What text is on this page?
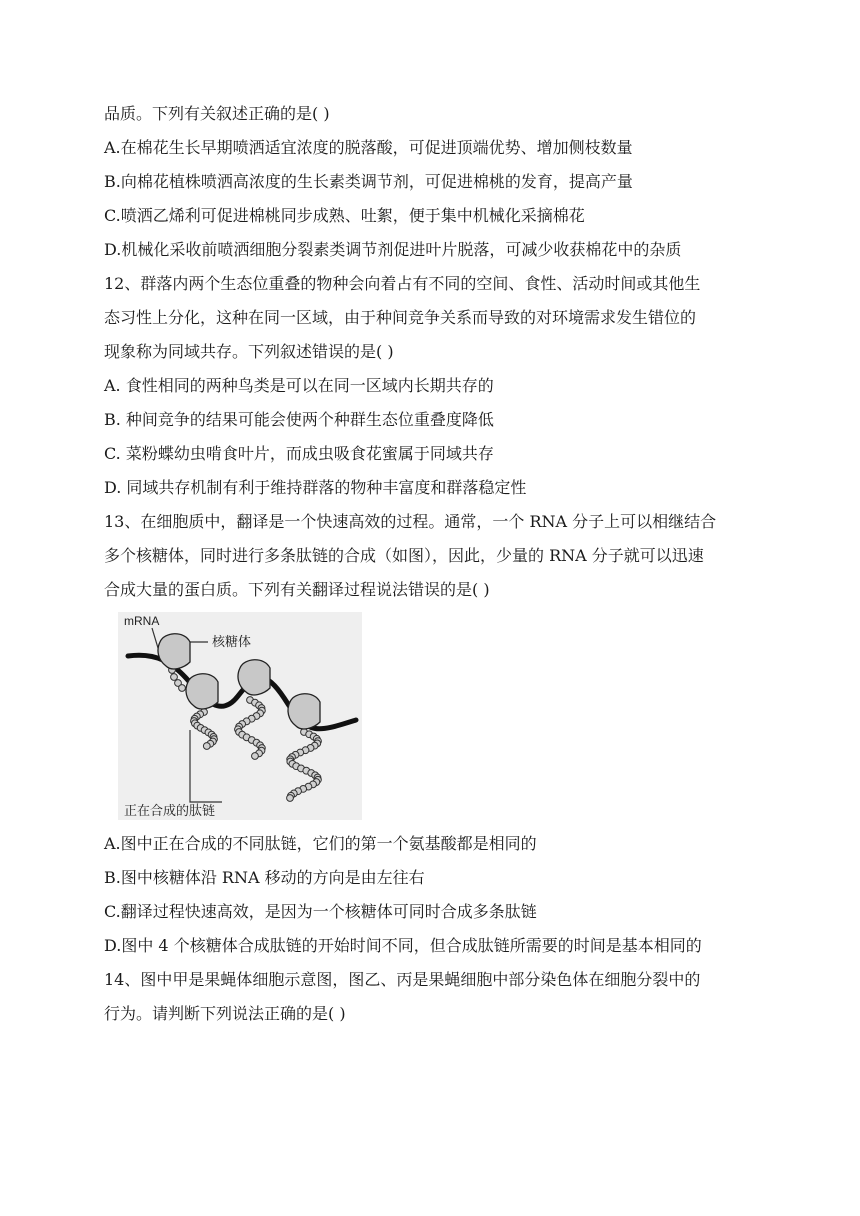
品质。下列有关叙述正确的是( )
A.在棉花生长早期喷洒适宜浓度的脱落酸，可促进顶端优势、增加侧枝数量
B.向棉花植株喷洒高浓度的生长素类调节剂，可促进棉桃的发育，提高产量
C.喷洒乙烯利可促进棉桃同步成熟、吐絮，便于集中机械化采摘棉花
D.机械化采收前喷洒细胞分裂素类调节剂促进叶片脱落，可减少收获棉花中的杂质
12、群落内两个生态位重叠的物种会向着占有不同的空间、食性、活动时间或其他生
态习性上分化，这种在同一区域，由于种间竞争关系而导致的对环境需求发生错位的
现象称为同域共存。下列叙述错误的是( )
A. 食性相同的两种鸟类是可以在同一区域内长期共存的
B. 种间竞争的结果可能会使两个种群生态位重叠度降低
C. 菜粉蝶幼虫啃食叶片，而成虫吸食花蜜属于同域共存
D. 同域共存机制有利于维持群落的物种丰富度和群落稳定性
13、在细胞质中，翻译是一个快速高效的过程。通常，一个 RNA 分子上可以相继结合
多个核糖体，同时进行多条肽链的合成（如图），因此，少量的 RNA 分子就可以迅速
合成大量的蛋白质。下列有关翻译过程说法错误的是( )
mRNA
核糖体
正在合成的肽链
A.图中正在合成的不同肽链，它们的第一个氨基酸都是相同的
B.图中核糖体沿 RNA 移动的方向是由左往右
C.翻译过程快速高效，是因为一个核糖体可同时合成多条肽链
D.图中 4 个核糖体合成肽链的开始时间不同，但合成肽链所需要的时间是基本相同的
14、图中甲是果蝇体细胞示意图，图乙、丙是果蝇细胞中部分染色体在细胞分裂中的
行为。请判断下列说法正确的是( )
